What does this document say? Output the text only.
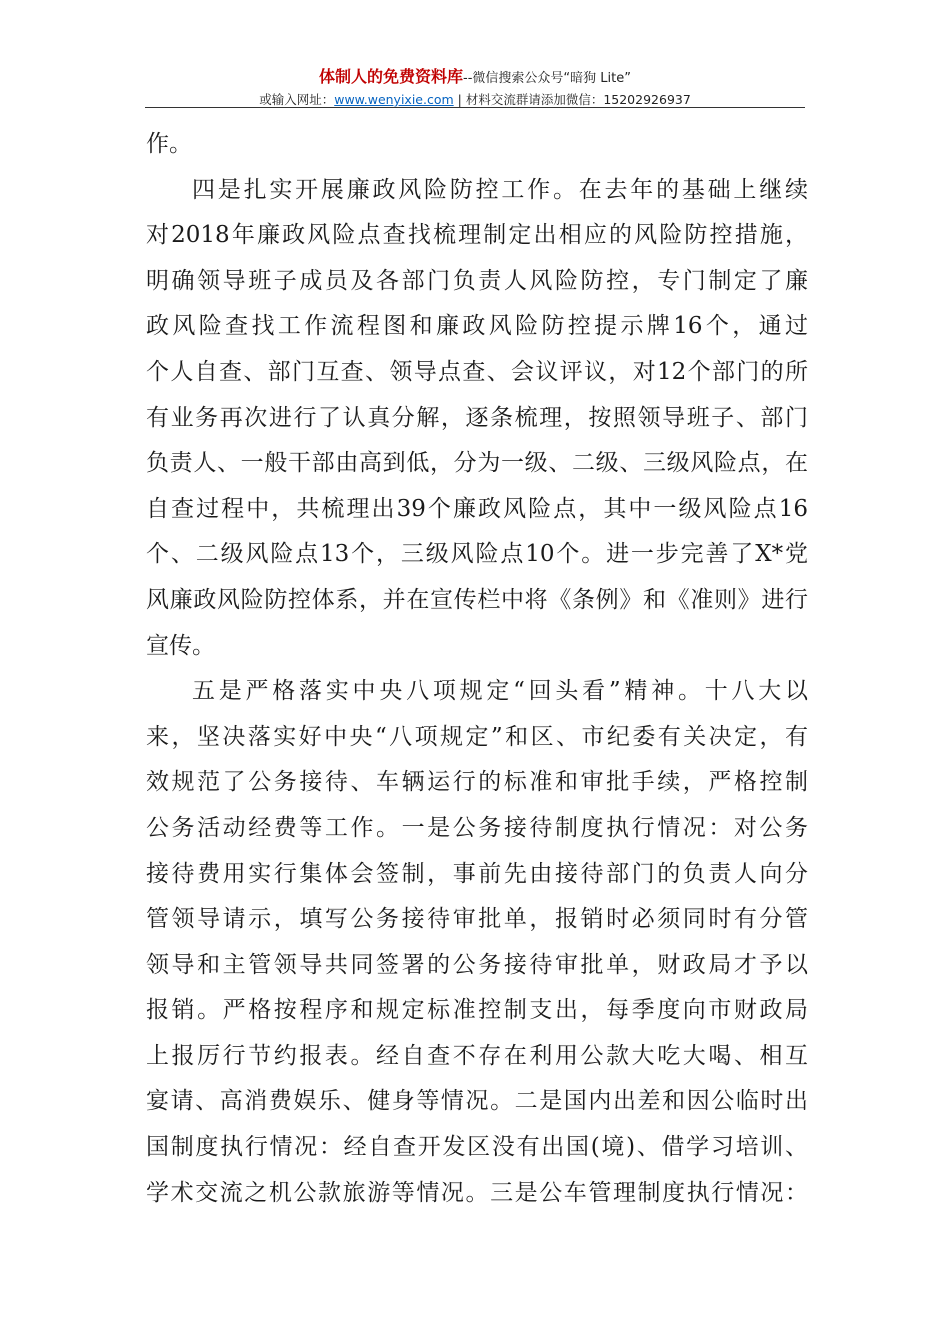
体制人的免费资料库--微信搜索公众号“暗狗 Lite”
或输入网址：www.wenyixie.com | 材料交流群请添加微信：15202926937

作。

四是扎实开展廉政风险防控工作。在去年的基础上继续

对2018年廉政风险点查找梳理制定出相应的风险防控措施，

明确领导班子成员及各部门负责人风险防控，专门制定了廉

政风险查找工作流程图和廉政风险防控提示牌16个，通过

个人自查、部门互查、领导点查、会议评议，对12个部门的所

有业务再次进行了认真分解，逐条梳理，按照领导班子、部门

负责人、一般干部由高到低，分为一级、二级、三级风险点，在

自查过程中，共梳理出39个廉政风险点，其中一级风险点16

个、二级风险点13个，三级风险点10个。进一步完善了X*党

风廉政风险防控体系，并在宣传栏中将《条例》和《准则》进行

宣传。

五是严格落实中央八项规定“回头看”精神。十八大以

来，坚决落实好中央“八项规定”和区、市纪委有关决定，有

效规范了公务接待、车辆运行的标准和审批手续，严格控制

公务活动经费等工作。一是公务接待制度执行情况：对公务

接待费用实行集体会签制，事前先由接待部门的负责人向分

管领导请示，填写公务接待审批单，报销时必须同时有分管

领导和主管领导共同签署的公务接待审批单，财政局才予以

报销。严格按程序和规定标准控制支出，每季度向市财政局

上报厉行节约报表。经自查不存在利用公款大吃大喝、相互

宴请、高消费娱乐、健身等情况。二是国内出差和因公临时出

国制度执行情况：经自查开发区没有出国(境)、借学习培训、

学术交流之机公款旅游等情况。三是公车管理制度执行情况：
